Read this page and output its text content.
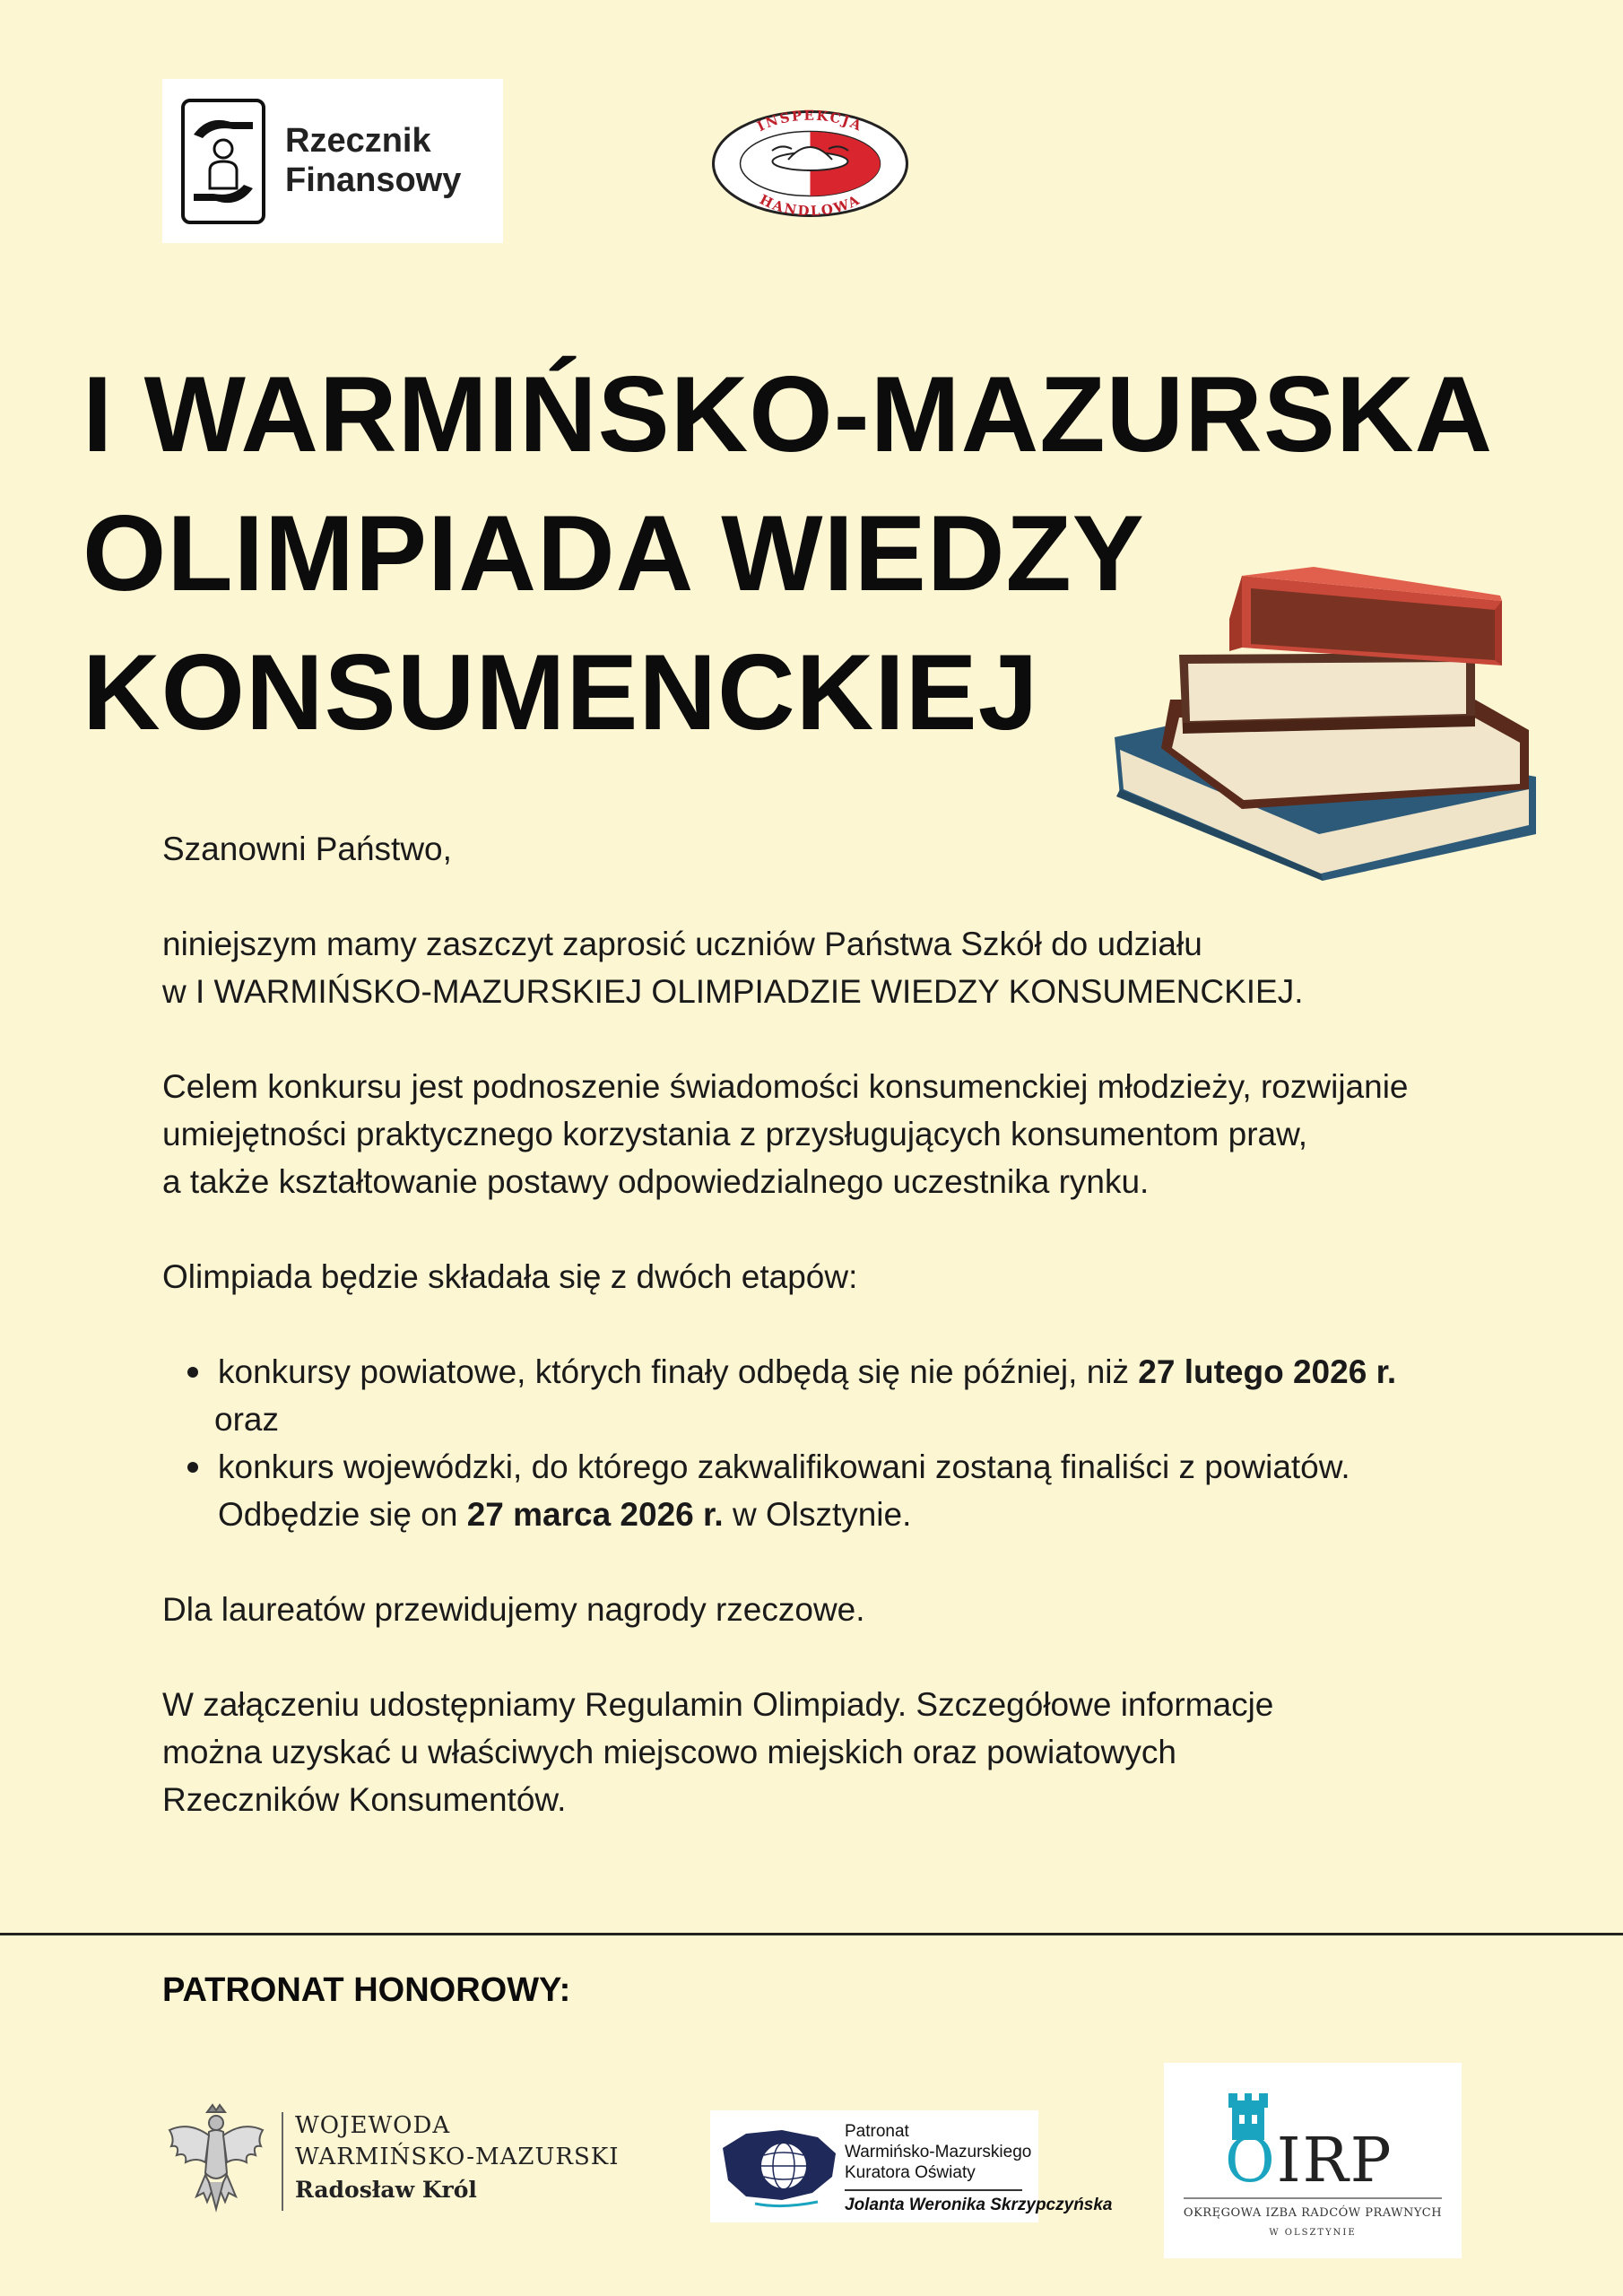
Rzecznik
Finansowy
INSPEKCJA
HANDLOWA
I WARMIŃSKO-MAZURSKA
OLIMPIADA WIEDZY
KONSUMENCKIEJ

Szanowni Państwo,

niniejszym mamy zaszczyt zaprosić uczniów Państwa Szkół do udziału

w I WARMIŃSKO-MAZURSKIEJ OLIMPIADZIE WIEDZY KONSUMENCKIEJ.

Celem konkursu jest podnoszenie świadomości konsumenckiej młodzieży, rozwijanie

umiejętności praktycznego korzystania z przysługujących konsumentom praw,

a także kształtowanie postawy odpowiedzialnego uczestnika rynku.

Olimpiada będzie składała się z dwóch etapów:

konkursy powiatowe, których finały odbędą się nie później, niż 27 lutego 2026 r.
oraz
konkurs wojewódzki, do którego zakwalifikowani zostaną finaliści z powiatów.
Odbędzie się on 27 marca 2026 r. w Olsztynie.

Dla laureatów przewidujemy nagrody rzeczowe.

W załączeniu udostępniamy Regulamin Olimpiady. Szczegółowe informacje

można uzyskać u właściwych miejscowo miejskich oraz powiatowych

Rzeczników Konsumentów.

PATRONAT HONOROWY:
WOJEWODA
WARMIŃSKO-MAZURSKI
Radosław Król
Patronat
Warmińsko-Mazurskiego
Kuratora Oświaty
Jolanta Weronika Skrzypczyńska
OIRP
OKRĘGOWA IZBA RADCÓW PRAWNYCH
W OLSZTYNIE
